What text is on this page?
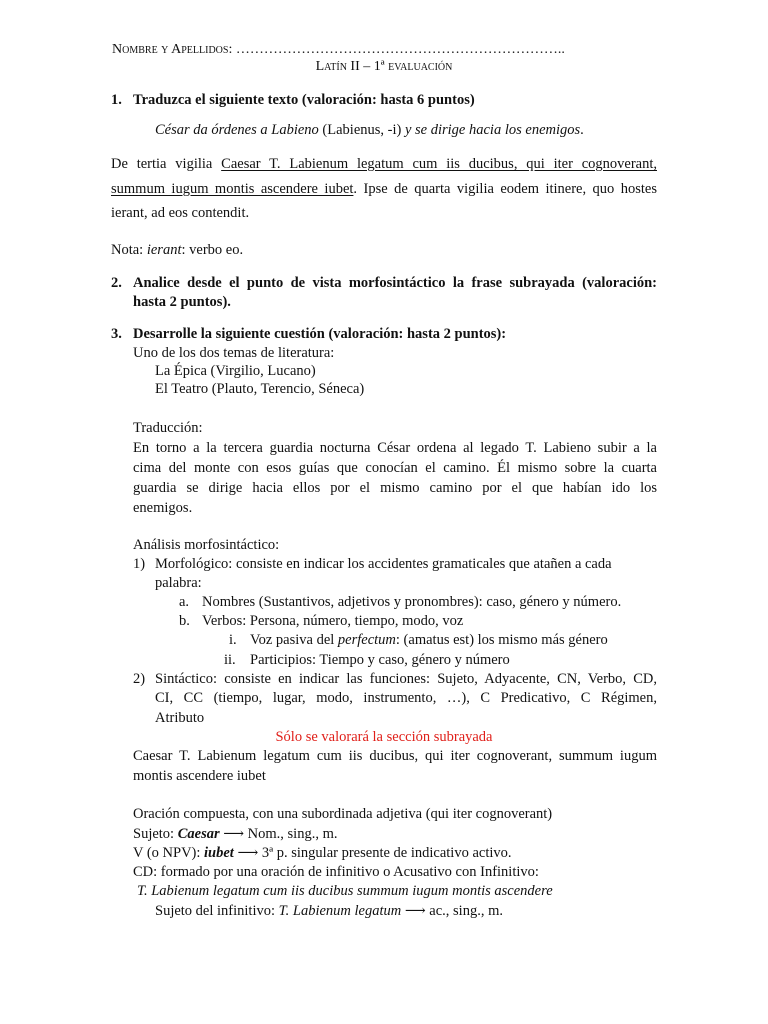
Nombre y Apellidos: ……………………………………………………………..
Latín II – 1ª evaluación
1. Traduzca el siguiente texto (valoración: hasta 6 puntos)
César da órdenes a Labieno (Labienus, -i) y se dirige hacia los enemigos.
De tertia vigilia Caesar T. Labienum legatum cum iis ducibus, qui iter cognoverant,
summum iugum montis ascendere iubet. Ipse de quarta vigilia eodem itinere, quo hostes
ierant, ad eos contendit.
Nota: ierant: verbo eo.
2. Analice desde el punto de vista morfosintáctico la frase subrayada (valoración:
hasta 2 puntos).
3. Desarrolle la siguiente cuestión (valoración: hasta 2 puntos):
Uno de los dos temas de literatura:
La Épica (Virgilio, Lucano)
El Teatro (Plauto, Terencio, Séneca)
Traducción:
En torno a la tercera guardia nocturna César ordena al legado T. Labieno subir a la
cima del monte con esos guías que conocían el camino. Él mismo sobre la cuarta
guardia se dirige hacia ellos por el mismo camino por el que habían ido los
enemigos.
Análisis morfosintáctico:
1) Morfológico: consiste en indicar los accidentes gramaticales que atañen a cada
palabra:
a. Nombres (Sustantivos, adjetivos y pronombres): caso, género y número.
b. Verbos: Persona, número, tiempo, modo, voz
i. Voz pasiva del perfectum: (amatus est) los mismo más género
ii. Participios: Tiempo y caso, género y número
2) Sintáctico: consiste en indicar las funciones: Sujeto, Adyacente, CN, Verbo, CD,
CI, CC (tiempo, lugar, modo, instrumento, …), C Predicativo, C Régimen,
Atributo
Sólo se valorará la sección subrayada
Caesar T. Labienum legatum cum iis ducibus, qui iter cognoverant, summum iugum
montis ascendere iubet
Oración compuesta, con una subordinada adjetiva (qui iter cognoverant)
Sujeto: Caesar ⟶ Nom., sing., m.
V (o NPV): iubet ⟶ 3ª p. singular presente de indicativo activo.
CD: formado por una oración de infinitivo o Acusativo con Infinitivo:
T. Labienum legatum cum iis ducibus summum iugum montis ascendere
Sujeto del infinitivo: T. Labienum legatum ⟶ ac., sing., m.
